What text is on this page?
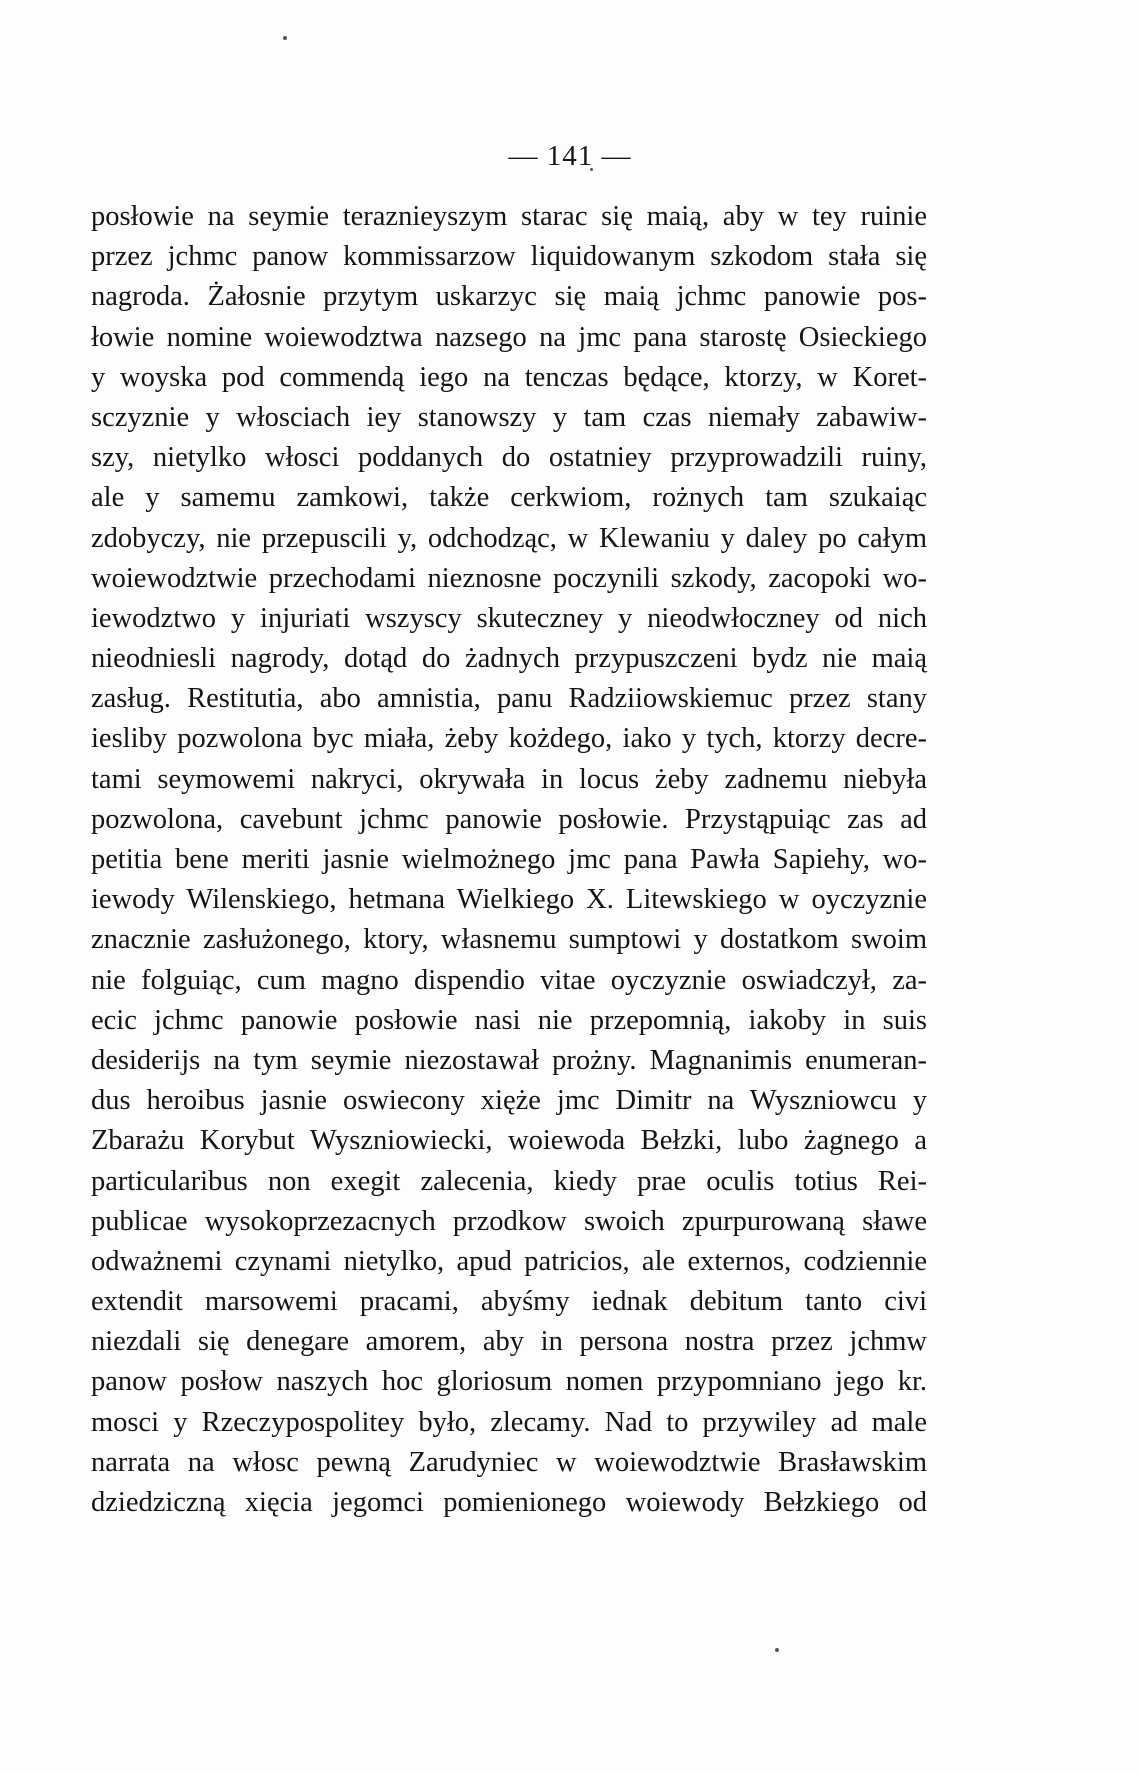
— 141 —
posłowie na seymie teraznieyszym starac się maią, aby w tey ruinie
przez jchmc panow kommissarzow liquidowanym szkodom stała się
nagroda. Żałosnie przytym uskarzyc się maią jchmc panowie pos-
łowie nomine woiewodztwa nazsego na jmc pana starostę Osieckiego
y woyska pod commendą iego na tenczas będące, ktorzy, w Koret-
sczyznie y włosciach iey stanowszy y tam czas niemały zabawiw-
szy, nietylko włosci poddanych do ostatniey przyprowadzili ruiny,
ale y samemu zamkowi, także cerkwiom, rożnych tam szukaiąc
zdobyczy, nie przepuscili y, odchodząc, w Klewaniu y daley po całym
woiewodztwie przechodami nieznosne poczynili szkody, zacopoki wo-
iewodztwo y injuriati wszyscy skuteczney y nieodwłoczney od nich
nieodniesli nagrody, dotąd do żadnych przypuszczeni bydz nie maią
zasług. Restitutia, abo amnistia, panu Radziiowskiemuc przez stany
iesliby pozwolona byc miała, żeby kożdego, iako y tych, ktorzy decre-
tami seymowemi nakryci, okrywała in locus żeby zadnemu niebyła
pozwolona, cavebunt jchmc panowie posłowie. Przystąpuiąc zas ad
petitia bene meriti jasnie wielmożnego jmc pana Pawła Sapiehy, wo-
iewody Wilenskiego, hetmana Wielkiego X. Litewskiego w oyczyznie
znacznie zasłużonego, ktory, własnemu sumptowi y dostatkom swoim
nie folguiąc, cum magno dispendio vitae oyczyznie oswiadczył, za-
ecic jchmc panowie posłowie nasi nie przepomnią, iakoby in suis
desiderijs na tym seymie niezostawał prożny. Magnanimis enumeran-
dus heroibus jasnie oswiecony xięże jmc Dimitr na Wyszniowcu y
Zbarażu Korybut Wyszniowiecki, woiewoda Bełzki, lubo żagnego a
particularibus non exegit zalecenia, kiedy prae oculis totius Rei-
publicae wysokoprzezacnych przodkow swoich zpurpurowaną sławe
odważnemi czynami nietylko, apud patricios, ale externos, codziennie
extendit marsowemi pracami, abyśmy iednak debitum tanto civi
niezdali się denegare amorem, aby in persona nostra przez jchmw
panow posłow naszych hoc gloriosum nomen przypomniano jego kr.
mosci y Rzeczypospolitey było, zlecamy. Nad to przywiley ad male
narrata na włosc pewną Zarudyniec w woiewodztwie Brasławskim
dziedziczną xięcia jegomci pomienionego woiewody Bełzkiego od
